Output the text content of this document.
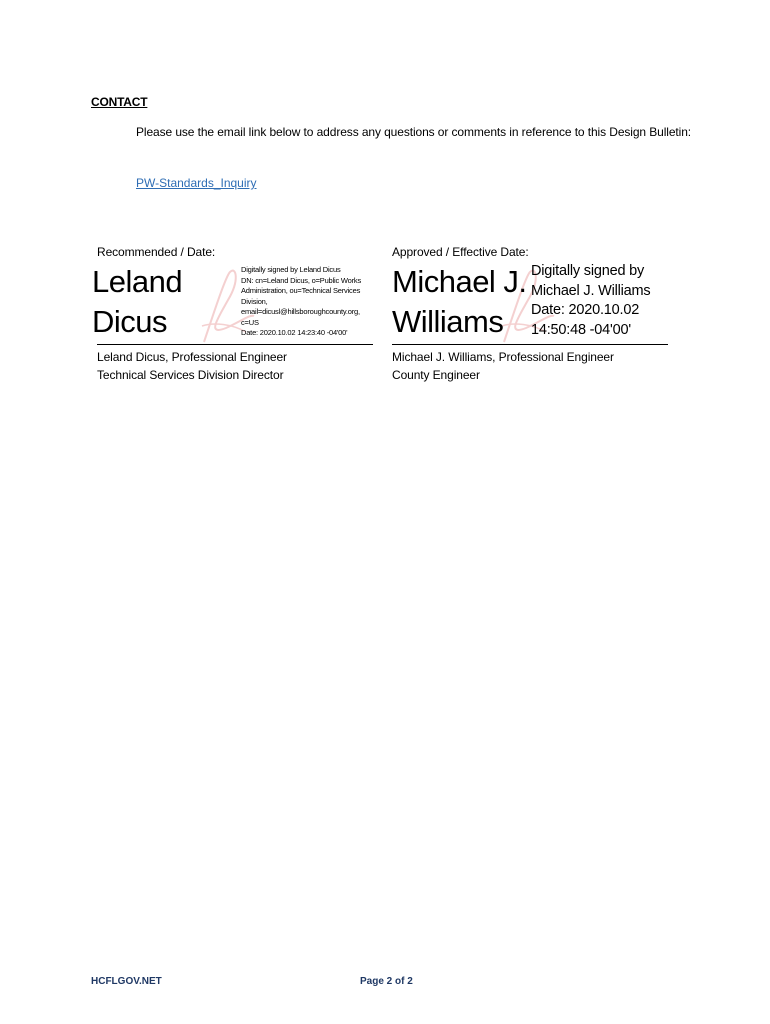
CONTACT
Please use the email link below to address any questions or comments in reference to this Design Bulletin:
PW-Standards_Inquiry
Recommended / Date:
Leland
Dicus
Digitally signed by Leland Dicus
DN: cn=Leland Dicus, o=Public Works
Administration, ou=Technical Services
Division,
email=dicusl@hillsboroughcounty.org,
c=US
Date: 2020.10.02 14:23:40 -04'00'
Leland Dicus, Professional Engineer
Technical Services Division Director
Approved / Effective Date:
Michael J.
Williams
Digitally signed by
Michael J. Williams
Date: 2020.10.02
14:50:48 -04'00'
Michael J. Williams, Professional Engineer
County Engineer
HCFLGOV.NET	Page 2 of 2
